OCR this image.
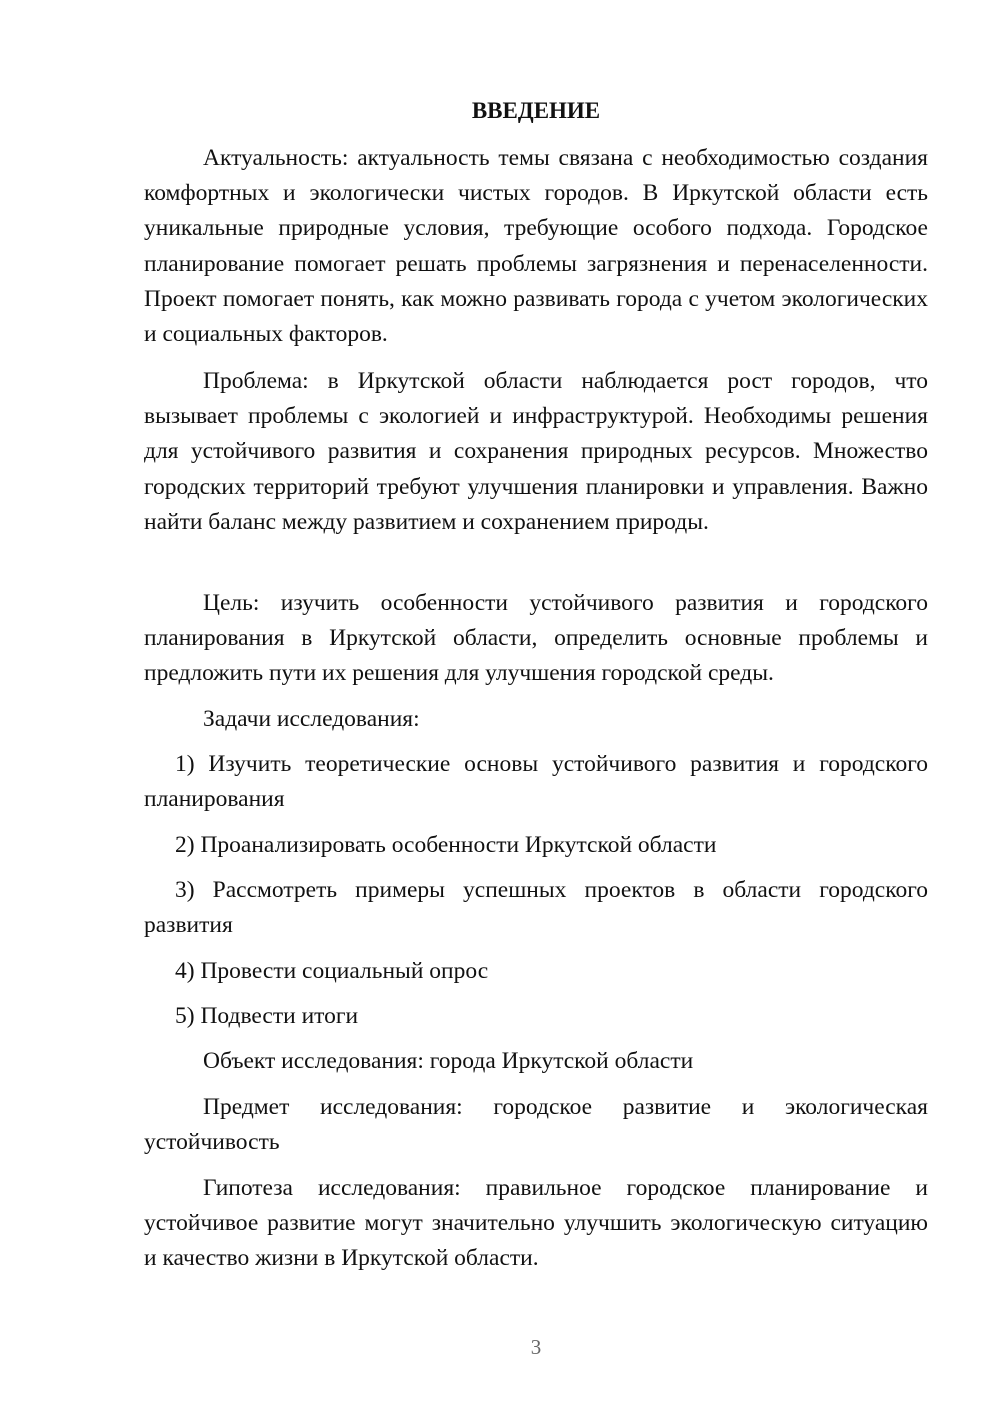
ВВЕДЕНИЕ

Актуальность: актуальность темы связана с необходимостью создания комфортных и экологически чистых городов. В Иркутской области есть уникальные природные условия, требующие особого подхода. Городское планирование помогает решать проблемы загрязнения и перенаселенности. Проект помогает понять, как можно развивать города с учетом экологических и социальных факторов.

Проблема: в Иркутской области наблюдается рост городов, что вызывает проблемы с экологией и инфраструктурой. Необходимы решения для устойчивого развития и сохранения природных ресурсов. Множество городских территорий требуют улучшения планировки и управления. Важно найти баланс между развитием и сохранением природы.

Цель: изучить особенности устойчивого развития и городского планирования в Иркутской области, определить основные проблемы и предложить пути их решения для улучшения городской среды.

Задачи исследования:

1) Изучить теоретические основы устойчивого развития и городского планирования

2) Проанализировать особенности Иркутской области

3) Рассмотреть примеры успешных проектов в области городского развития

4) Провести социальный опрос

5) Подвести итоги

Объект исследования: города Иркутской области

Предмет исследования: городское развитие и экологическая устойчивость

Гипотеза исследования: правильное городское планирование и устойчивое развитие могут значительно улучшить экологическую ситуацию и качество жизни в Иркутской области.

3
